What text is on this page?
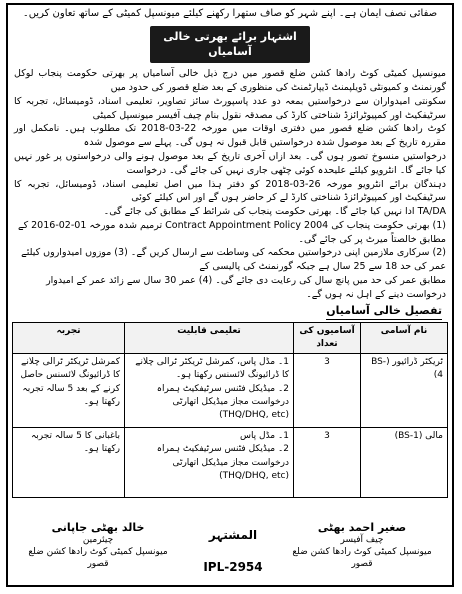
صفائی نصف ایمان ہے۔ اپنے شہر کو صاف ستھرا رکھنے کیلئے میونسپل کمیٹی کے ساتھ تعاون کریں۔
اشتہار برائے بھرتی خالی آسامیاں

میونسپل کمیٹی کوٹ رادھا کشن ضلع قصور میں درج ذیل خالی آسامیاں پر بھرتی حکومت پنجاب لوکل گورنمنٹ و کمیونٹی ڈویلپمنٹ ڈیپارٹمنٹ کی منظوری کے بعد ضلع قصور کی حدود میں

سکونتی امیدواران سے درخواستیں بمعہ دو عدد پاسپورٹ سائز تصاویر، تعلیمی اسناد، ڈومیسائل، تجربہ کا سرٹیفکیٹ اور کمپیوٹرائزڈ شناختی کارڈ کی مصدقہ نقول بنام چیف آفیسر میونسپل کمیٹی

کوٹ رادھا کشن ضلع قصور میں دفتری اوقات میں مورخہ 22-03-2018 تک مطلوب ہیں۔ نامکمل اور مقررہ تاریخ کے بعد موصول شدہ درخواستیں قابل قبول نہ ہوں گی۔ پہلے سے موصول شدہ

درخواستیں منسوخ تصور ہوں گی۔ بعد ازاں آخری تاریخ کے بعد موصول ہونے والی درخواستوں پر غور نہیں کیا جائے گا۔ انٹرویو کیلئے علیحدہ کوئی چٹھی جاری نہیں کی جائے گی۔ درخواست

دہندگان برائے انٹرویو مورخہ 26-03-2018 کو دفتر ہذا میں اصل تعلیمی اسناد، ڈومیسائل، تجربہ کا سرٹیفکیٹ اور کمپیوٹرائزڈ شناختی کارڈ لے کر حاضر ہوں گے اور اس کیلئے کوئی

TA/DA ادا نہیں کیا جائے گا۔ بھرتی حکومت پنجاب کی شرائط کے مطابق کی جائے گی۔

(1) بھرتی حکومت پنجاب کی 2004 Contract Appointment Policy ترمیم شدہ مورخہ 01-02-2016 کے مطابق خالصتاً میرٹ پر کی جائے گی۔

(2) سرکاری ملازمین اپنی درخواستیں محکمہ کی وساطت سے ارسال کریں گے۔ (3) موزوں امیدواروں کیلئے عمر کی حد 18 سے 25 سال ہے جبکہ گورنمنٹ کی پالیسی کے

مطابق عمر کی حد میں پانچ سال کی رعایت دی جائے گی۔ (4) عمر 30 سال سے زائد عمر کے امیدوار درخواست دینے کے اہل نہ ہوں گے۔

تفصیل خالی آسامیاں
نام آسامی	آسامیوں کی تعداد	تعلیمی قابلیت	تجربہ
ٹریکٹر ڈرائیور (BS-4)	3	1۔ مڈل پاس، کمرشل ٹریکٹر ٹرالی چلانے کا ڈرائیونگ لائسنس رکھتا ہو۔

2۔ میڈیکل فٹنس سرٹیفکیٹ ہمراہ درخواست مجاز میڈیکل اتھارٹی (THQ/DHQ, etc)	کمرشل ٹریکٹر ٹرالی چلانے کا ڈرائیونگ لائسنس حاصل کرنے کے بعد 5 سالہ تجربہ رکھتا ہو۔
مالی (BS-1)	3	1۔ مڈل پاس

2۔ میڈیکل فٹنس سرٹیفکیٹ ہمراہ درخواست مجاز میڈیکل اتھارٹی (THQ/DHQ, etc)	باغبانی کا 5 سالہ تجربہ رکھتا ہو۔
صغیر احمد بھٹی
چیف آفیسر
میونسپل کمیٹی کوٹ رادھا کشن ضلع قصور
المشتہر
IPL-2954
خالد بھٹی جاپانی
چیئرمین
میونسپل کمیٹی کوٹ رادھا کشن ضلع قصور
